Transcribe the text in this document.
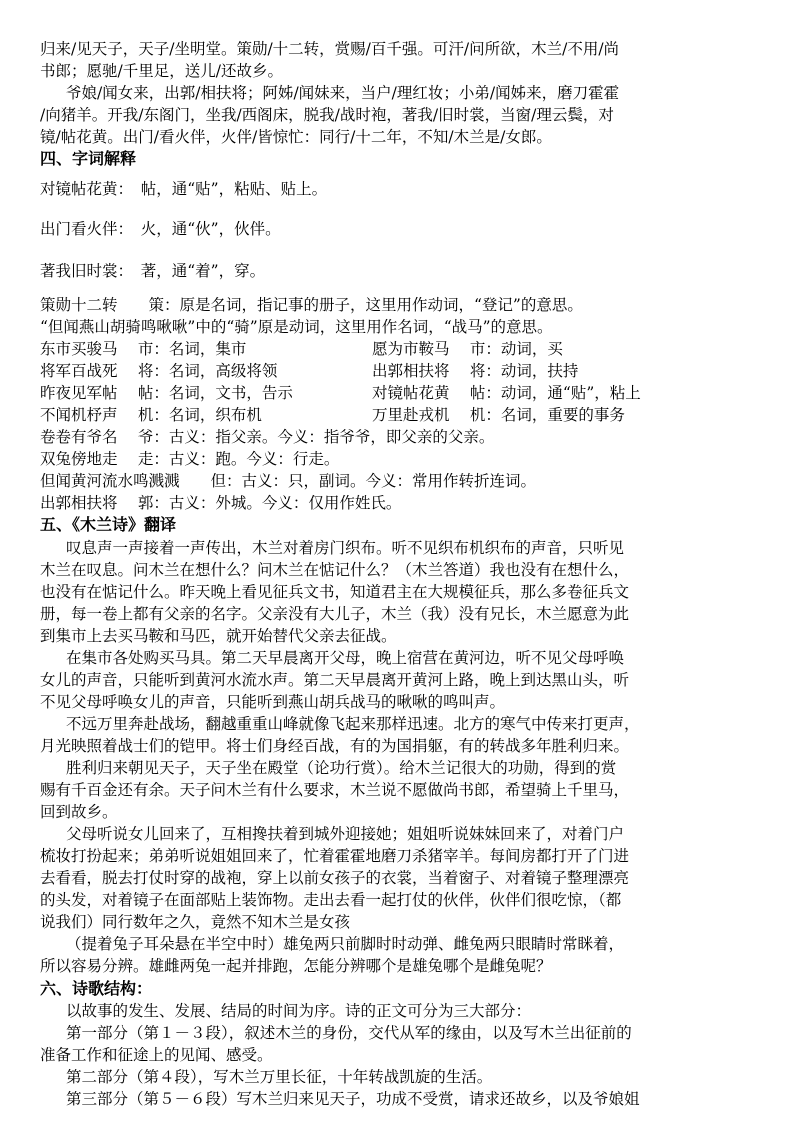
归来/见天子，天子/坐明堂。策勋/十二转，赏赐/百千强。可汗/问所欲，木兰/不用/尚
书郎；愿驰/千里足，送儿/还故乡。
爷娘/闻女来，出郭/相扶将；阿姊/闻妹来，当户/理红妆；小弟/闻姊来，磨刀霍霍
/向猪羊。开我/东阁门，坐我/西阁床，脱我/战时袍，著我/旧时裳，当窗/理云鬓，对
镜/帖花黄。出门/看火伴，火伴/皆惊忙：同行/十二年，不知/木兰是/女郎。
四、字词解释
对镜帖花黄：　帖，通“贴”，粘贴、贴上。
出门看火伴：　火，通“伙”，伙伴。
著我旧时裳：　著，通“着”，穿。
策勋十二转　　策：原是名词，指记事的册子，这里用作动词，“登记”的意思。
“但闻燕山胡骑鸣啾啾”中的“骑”原是动词，这里用作名词，“战马”的意思。
东市买骏马　 市：名词，集市	愿为市鞍马　 市：动词，买
将军百战死　 将：名词，高级将领	出郭相扶将　 将：动词，扶持
昨夜见军帖　 帖：名词，文书，告示	对镜帖花黄　 帖：动词，通“贴”，粘上
不闻机杼声　 机：名词，织布机	万里赴戎机　 机：名词，重要的事务
卷卷有爷名　 爷：古义：指父亲。今义：指爷爷，即父亲的父亲。
双兔傍地走　 走：古义：跑。今义：行走。
但闻黄河流水鸣溅溅　　但：古义：只，副词。今义：常用作转折连词。
出郭相扶将　 郭：古义：外城。今义：仅用作姓氏。
五、《木兰诗》翻译
叹息声一声接着一声传出，木兰对着房门织布。听不见织布机织布的声音，只听见
木兰在叹息。问木兰在想什么？问木兰在惦记什么？（木兰答道）我也没有在想什么，
也没有在惦记什么。昨天晚上看见征兵文书，知道君主在大规模征兵，那么多卷征兵文
册，每一卷上都有父亲的名字。父亲没有大儿子，木兰（我）没有兄长，木兰愿意为此
到集市上去买马鞍和马匹，就开始替代父亲去征战。
在集市各处购买马具。第二天早晨离开父母，晚上宿营在黄河边，听不见父母呼唤
女儿的声音，只能听到黄河水流水声。第二天早晨离开黄河上路，晚上到达黑山头，听
不见父母呼唤女儿的声音，只能听到燕山胡兵战马的啾啾的鸣叫声。
不远万里奔赴战场，翻越重重山峰就像飞起来那样迅速。北方的寒气中传来打更声，
月光映照着战士们的铠甲。将士们身经百战，有的为国捐躯，有的转战多年胜利归来。
胜利归来朝见天子，天子坐在殿堂（论功行赏）。给木兰记很大的功勋，得到的赏
赐有千百金还有余。天子问木兰有什么要求，木兰说不愿做尚书郎，希望骑上千里马，
回到故乡。
父母听说女儿回来了，互相搀扶着到城外迎接她；姐姐听说妹妹回来了，对着门户
梳妆打扮起来；弟弟听说姐姐回来了，忙着霍霍地磨刀杀猪宰羊。每间房都打开了门进
去看看，脱去打仗时穿的战袍，穿上以前女孩子的衣裳，当着窗子、对着镜子整理漂亮
的头发，对着镜子在面部贴上装饰物。走出去看一起打仗的伙伴，伙伴们很吃惊，（都
说我们）同行数年之久，竟然不知木兰是女孩
（提着兔子耳朵悬在半空中时）雄兔两只前脚时时动弹、雌兔两只眼睛时常眯着，
所以容易分辨。雄雌两兔一起并排跑，怎能分辨哪个是雄兔哪个是雌兔呢？
六、诗歌结构：
以故事的发生、发展、结局的时间为序。诗的正文可分为三大部分：
第一部分（第１－３段），叙述木兰的身份，交代从军的缘由，以及写木兰出征前的
准备工作和征途上的见闻、感受。
第二部分（第４段），写木兰万里长征，十年转战凯旋的生活。
第三部分（第５－６段）写木兰归来见天子，功成不受赏，请求还故乡，以及爷娘姐
